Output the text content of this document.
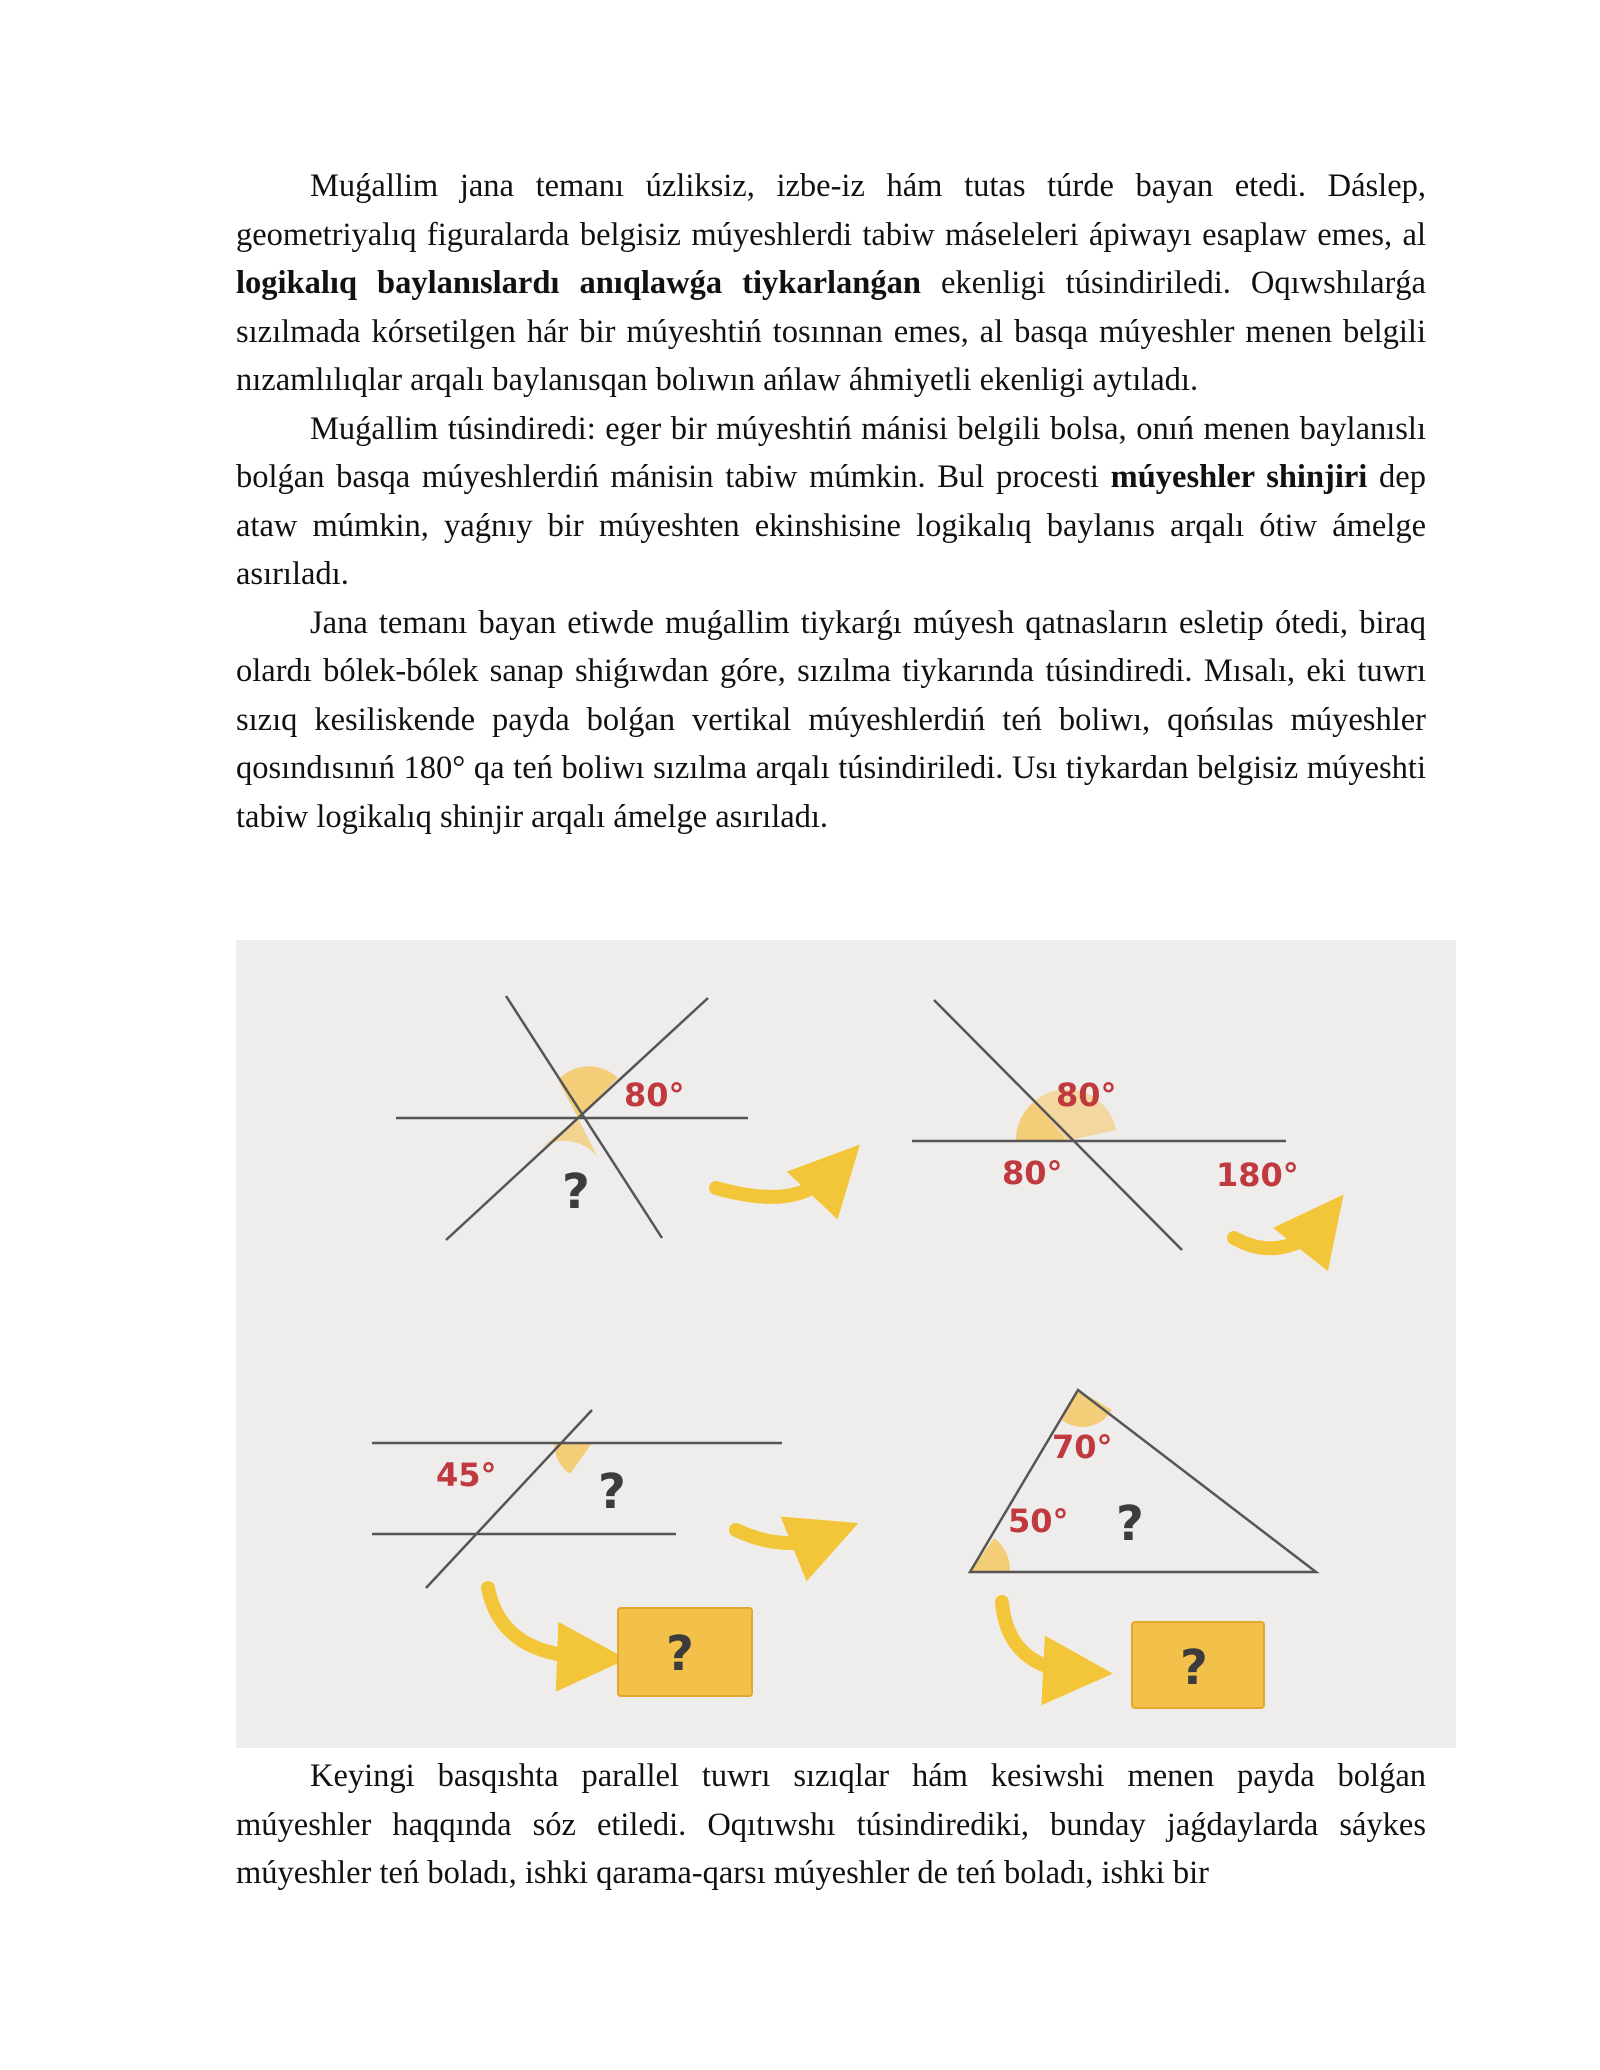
Muǵallim jana temanı úzliksiz, izbe-iz hám tutas túrde bayan etedi. Dáslep, geometriyalıq figuralarda belgisiz múyeshlerdi tabiw máseleleri ápiwayı esaplaw emes, al logikalıq baylanıslardı anıqlawǵa tiykarlanǵan ekenligi túsindiriledi. Oqıwshılarǵa sızılmada kórsetilgen hár bir múyeshtiń tosınnan emes, al basqa múyeshler menen belgili nızamlılıqlar arqalı baylanısqan bolıwın ańlaw áhmiyetli ekenligi aytıladı.

Muǵallim túsindiredi: eger bir múyeshtiń mánisi belgili bolsa, onıń menen baylanıslı bolǵan basqa múyeshlerdiń mánisin tabiw múmkin. Bul procesti múyeshler shinjiri dep ataw múmkin, yaǵnıy bir múyeshten ekinshisine logikalıq baylanıs arqalı ótiw ámelge asırıladı.

Jana temanı bayan etiwde muǵallim tiykarǵı múyesh qatnasların esletip ótedi, biraq olardı bólek-bólek sanap shiǵıwdan góre, sızılma tiykarında túsindiredi. Mısalı, eki tuwrı sızıq kesiliskende payda bolǵan vertikal múyeshlerdiń teń boliwı, qońsılas múyeshler qosındısınıń 180° qa teń boliwı sızılma arqalı túsindiriledi. Usı tiykardan belgisiz múyeshti tabiw logikalıq shinjir arqalı ámelge asırıladı.

80°
?
80°
80°	180°
45° ?
?
70°
50° ?
?

Keyingi basqıshta parallel tuwrı sızıqlar hám kesiwshi menen payda bolǵan múyeshler haqqında sóz etiledi. Oqıtıwshı túsindirediki, bunday jaǵdaylarda sáykes múyeshler teń boladı, ishki qarama-qarsı múyeshler de teń boladı, ishki bir
